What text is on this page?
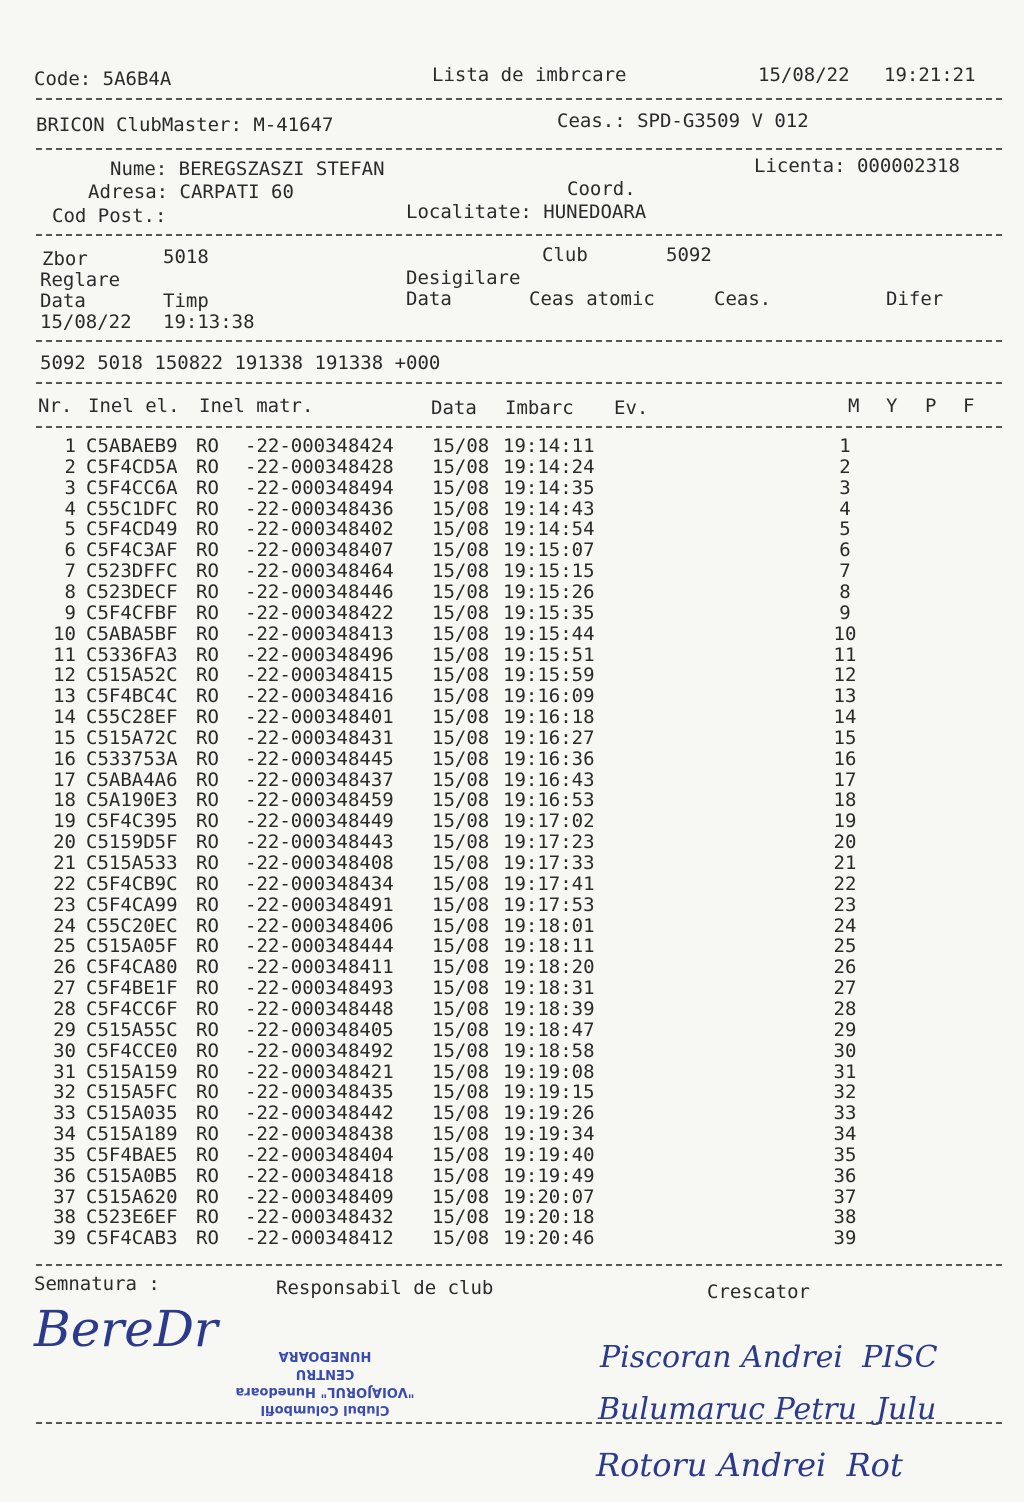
Code: 5A6B4A	Lista de imbrcare	15/08/22 19:21:21
BRICON ClubMaster: M-41647	Ceas.: SPD-G3509 V 012
Nume: BEREGSZASZI STEFAN	Licenta: 000002318
Adresa: CARPATI 60	Coord.
Cod Post.:	Localitate: HUNEDOARA
Zbor	5018	Club	5092
Reglare	Desigilare
Data	Timp	Data	Ceas atomic	Ceas.	Difer
15/08/22 19:13:38
5092 5018 150822 191338 191338 +000
Nr. Inel el. Inel matr.	Data Imbarc Ev.	M Y P F
1 C5ABAEB9 RO -22-000348424 15/08 19:14:11	1
2 C5F4CD5A RO -22-000348428 15/08 19:14:24	2
3 C5F4CC6A RO -22-000348494 15/08 19:14:35	3
4 C55C1DFC RO -22-000348436 15/08 19:14:43	4
5 C5F4CD49 RO -22-000348402 15/08 19:14:54	5
6 C5F4C3AF RO -22-000348407 15/08 19:15:07	6
7 C523DFFC RO -22-000348464 15/08 19:15:15	7
8 C523DECF RO -22-000348446 15/08 19:15:26	8
9 C5F4CFBF RO -22-000348422 15/08 19:15:35	9
10 C5ABA5BF RO -22-000348413 15/08 19:15:44	10
11 C5336FA3 RO -22-000348496 15/08 19:15:51	11
12 C515A52C RO -22-000348415 15/08 19:15:59	12
13 C5F4BC4C RO -22-000348416 15/08 19:16:09	13
14 C55C28EF RO -22-000348401 15/08 19:16:18	14
15 C515A72C RO -22-000348431 15/08 19:16:27	15
16 C533753A RO -22-000348445 15/08 19:16:36	16
17 C5ABA4A6 RO -22-000348437 15/08 19:16:43	17
18 C5A190E3 RO -22-000348459 15/08 19:16:53	18
19 C5F4C395 RO -22-000348449 15/08 19:17:02	19
20 C5159D5F RO -22-000348443 15/08 19:17:23	20
21 C515A533 RO -22-000348408 15/08 19:17:33	21
22 C5F4CB9C RO -22-000348434 15/08 19:17:41	22
23 C5F4CA99 RO -22-000348491 15/08 19:17:53	23
24 C55C20EC RO -22-000348406 15/08 19:18:01	24
25 C515A05F RO -22-000348444 15/08 19:18:11	25
26 C5F4CA80 RO -22-000348411 15/08 19:18:20	26
27 C5F4BE1F RO -22-000348493 15/08 19:18:31	27
28 C5F4CC6F RO -22-000348448 15/08 19:18:39	28
29 C515A55C RO -22-000348405 15/08 19:18:47	29
30 C5F4CCE0 RO -22-000348492 15/08 19:18:58	30
31 C515A159 RO -22-000348421 15/08 19:19:08	31
32 C515A5FC RO -22-000348435 15/08 19:19:15	32
33 C515A035 RO -22-000348442 15/08 19:19:26	33
34 C515A189 RO -22-000348438 15/08 19:19:34	34
35 C5F4BAE5 RO -22-000348404 15/08 19:19:40	35
36 C515A0B5 RO -22-000348418 15/08 19:19:49	36
37 C515A620 RO -22-000348409 15/08 19:20:07	37
38 C523E6EF RO -22-000348432 15/08 19:20:18	38
39 C5F4CAB3 RO -22-000348412 15/08 19:20:46	39
Semnatura :	Responsabil de club	Crescator
BereDr
Clubul Columbofil
"VOIAJORUL" Hunedoara
CENTRU
HUNEDOARA	Piscoran Andrei  PISC
Bulumaruc Petru  Julu
Rotoru Andrei  Rot
